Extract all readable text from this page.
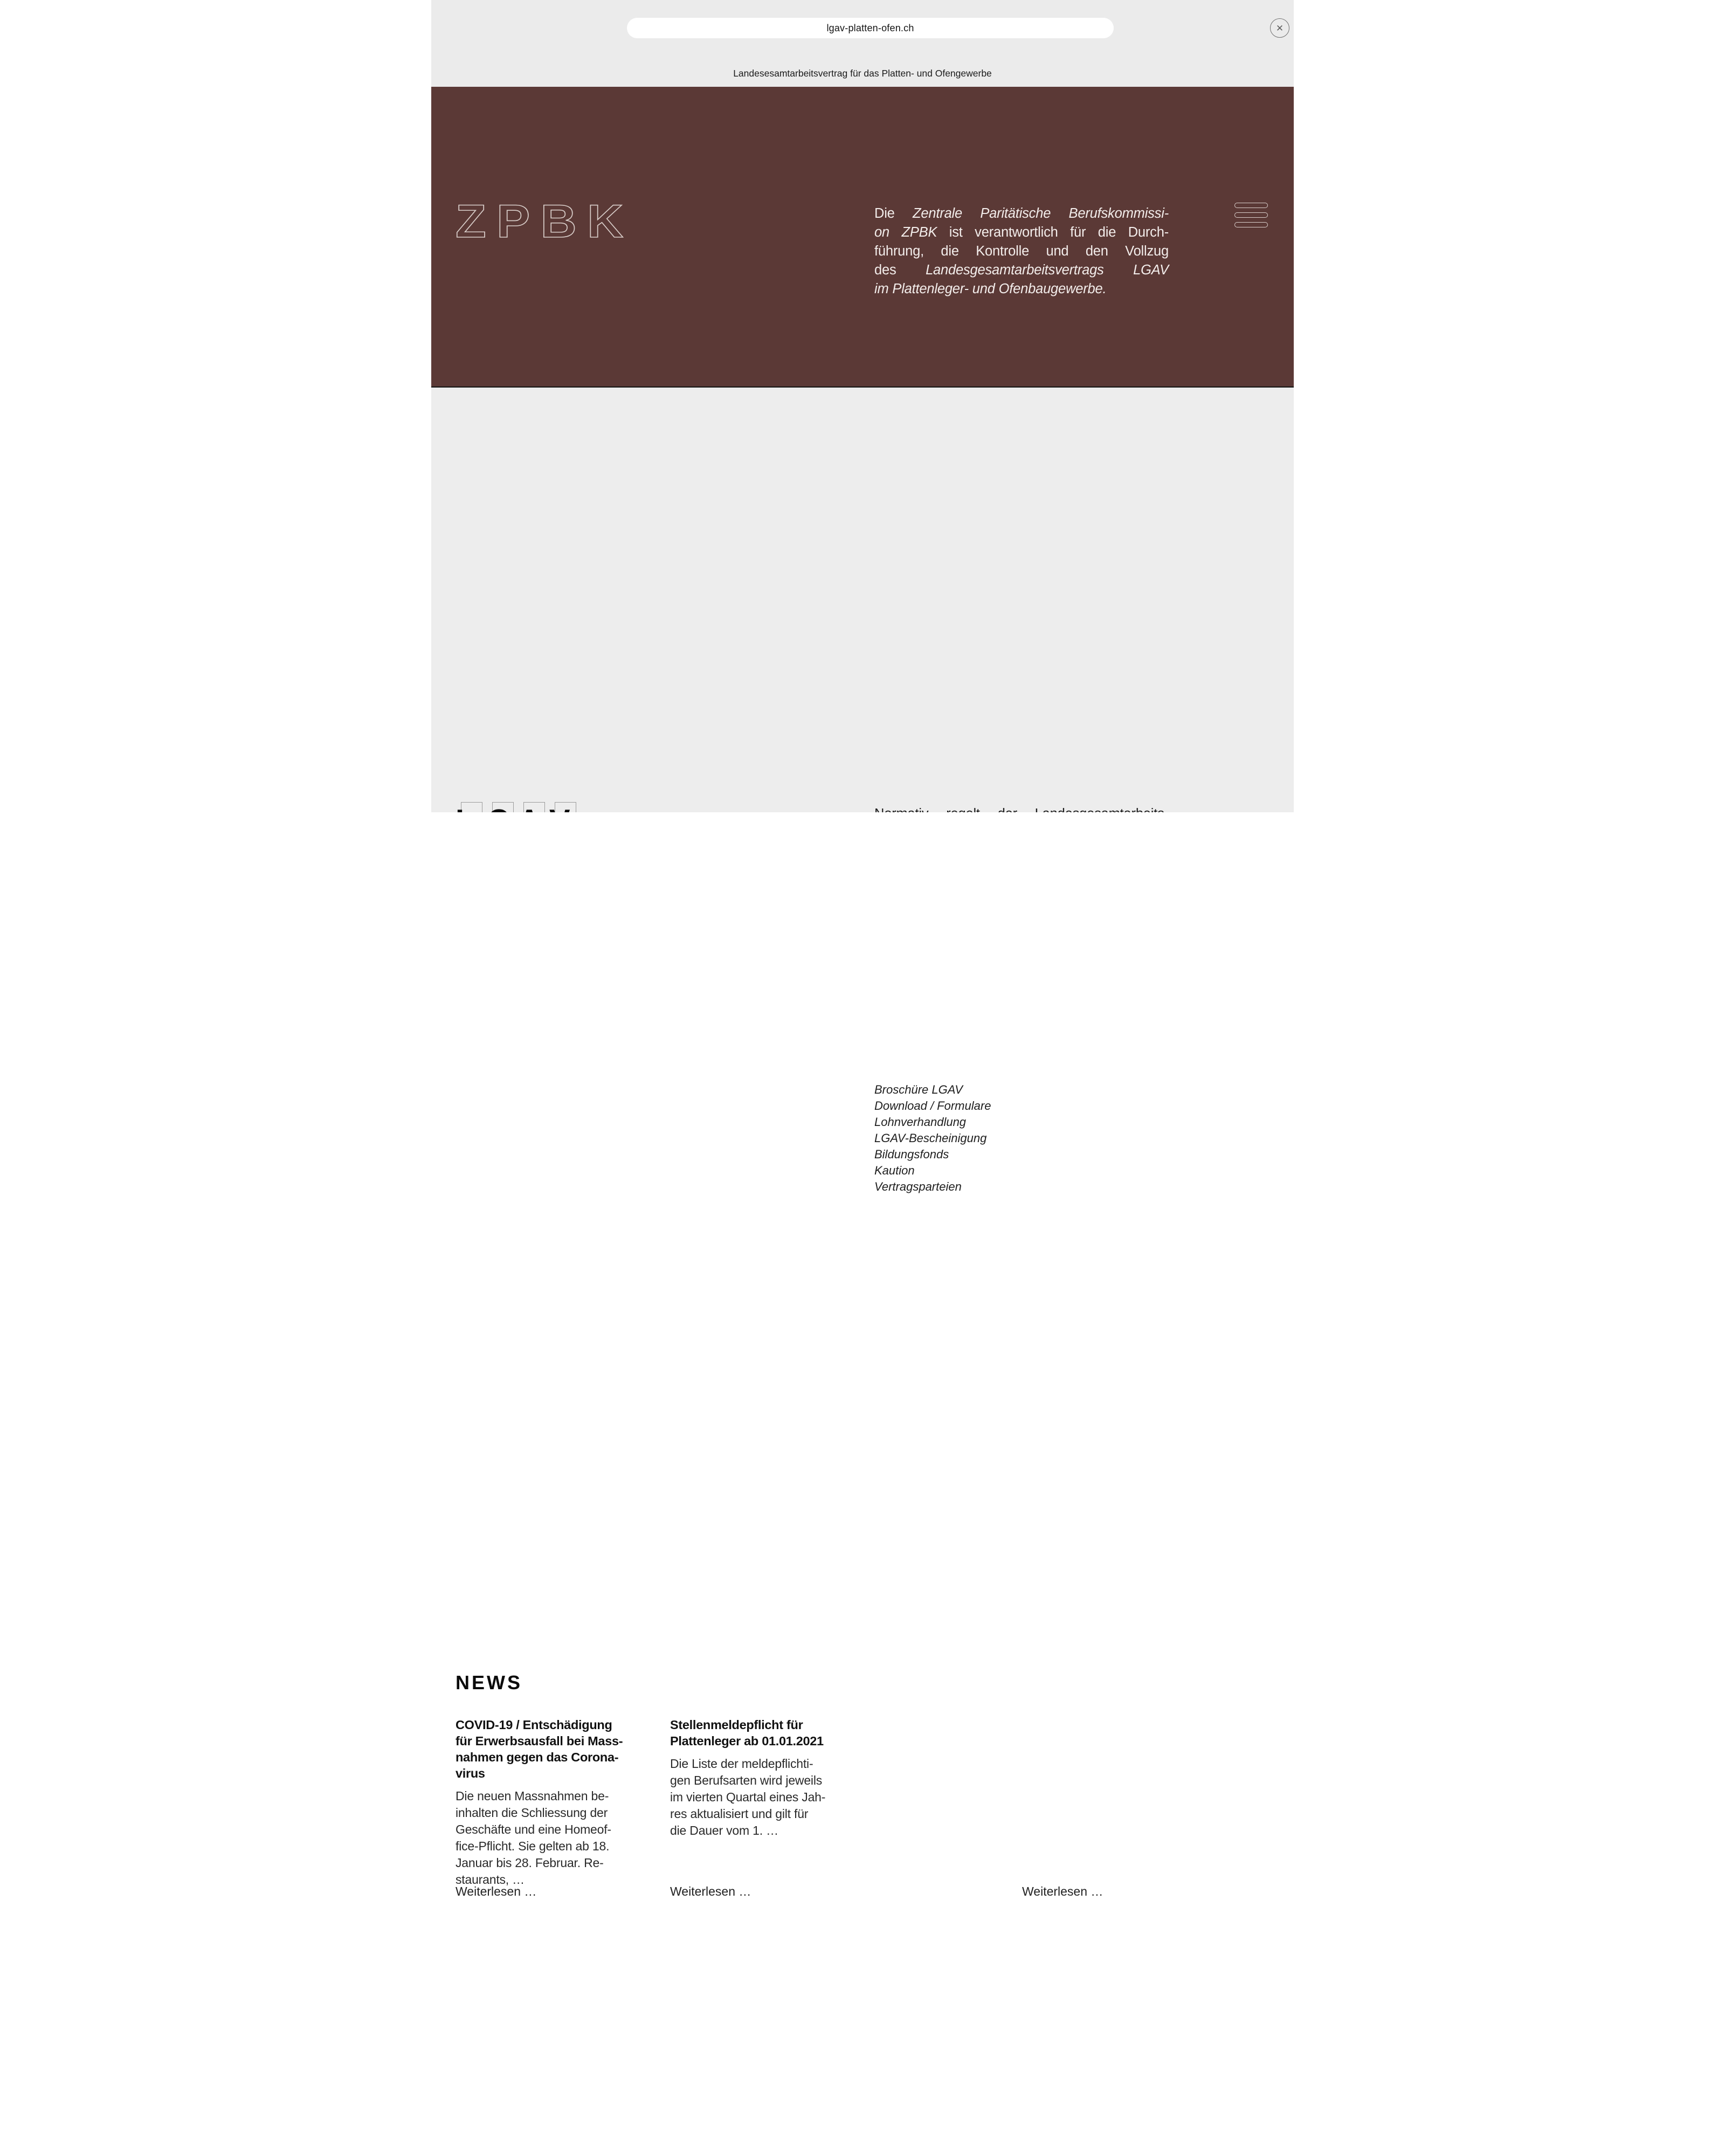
lgav-platten-ofen.ch	✕
Landesesamtarbeitsvertrag für das Platten- und Ofengewerbe
ZPBK	Die Zentrale Paritätische Berufskommissi-
on ZPBK ist verantwortlich für die Durch-
führung, die Kontrolle und den Vollzug
des Landesgesamtarbeitsvertrags LGAV
im Plattenleger- und Ofenbaugewerbe.
Broschüre LGAV
Download / Formulare
Lohnverhandlung
LGAV-Bescheinigung
Bildungsfonds
Kaution
Vertragsparteien
NEWS
COVID-19 / Entschädigung
für Erwerbsausfall bei Mass-
nahmen gegen das Corona-
virus
Die neuen Massnahmen be-
inhalten die Schliessung der
Geschäfte und eine Homeof-
fice-Pflicht. Sie gelten ab 18.
Januar bis 28. Februar. Re-
staurants, …
Stellenmeldepflicht für
Plattenleger ab 01.01.2021
Die Liste der meldepflichti-
gen Berufsarten wird jeweils
im vierten Quartal eines Jah-
res aktualisiert und gilt für
die Dauer vom 1. …
Weiterlesen …	Weiterlesen …	Weiterlesen …
